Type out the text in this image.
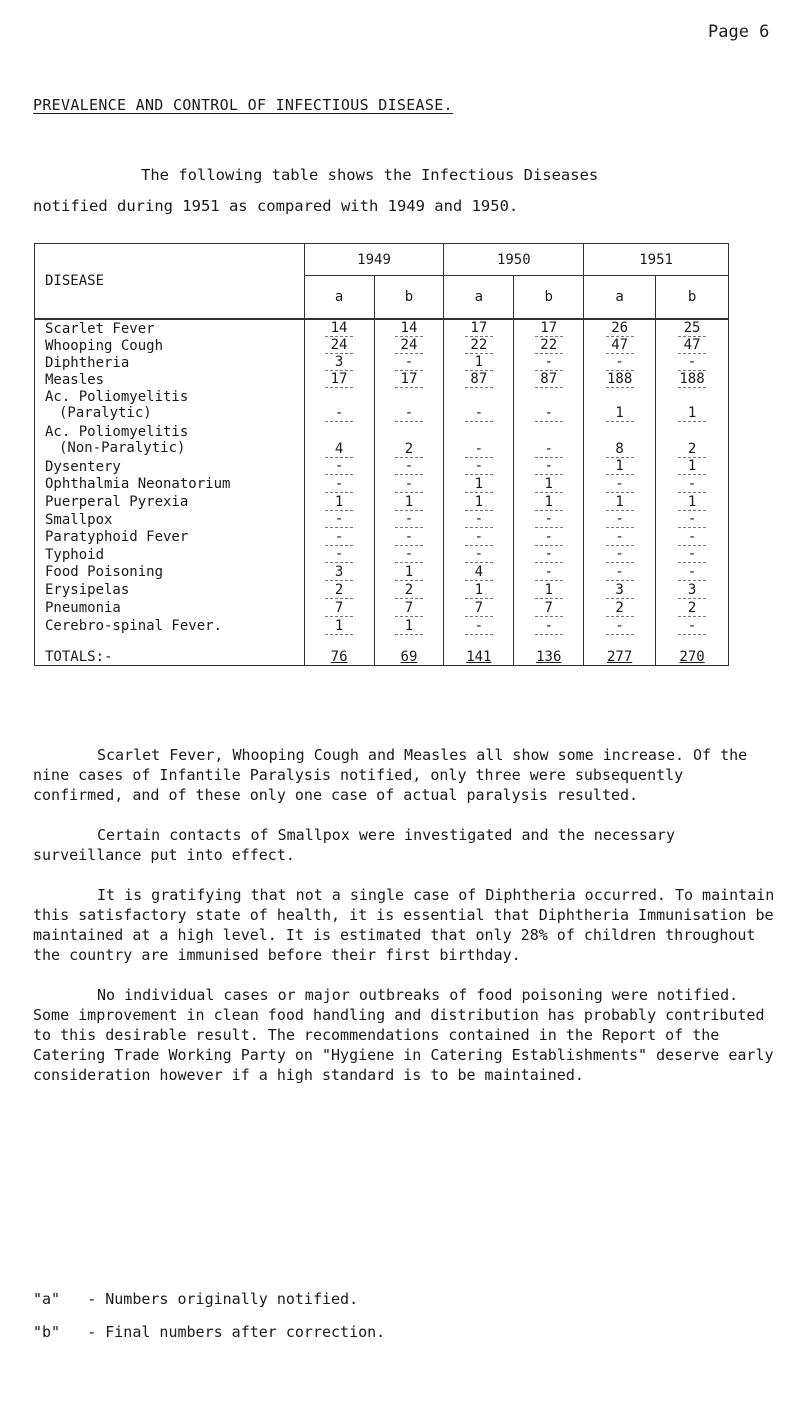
Page 6
PREVALENCE AND CONTROL OF INFECTIOUS DISEASE.

The following table shows the Infectious Diseases

notified during 1951 as compared with 1949 and 1950.

DISEASE	1949		1950		1951	
	a	b	a	b	a	b

Scarlet Fever	14	14	17	17	26	25

Whooping Cough	24	24	22	22	47	47

Diphtheria	3	-	1	-	-	-

Measles	17	17	87	87	188	188

Ac. Poliomyelitis
(Paralytic)	-	-	-	-	1	1

Ac. Poliomyelitis
(Non-Paralytic)	4	2	-	-	8	2

Dysentery	-	-	-	-	1	1

Ophthalmia Neonatorium	-	-	1	1	-	-

Puerperal Pyrexia	1	1	1	1	1	1

Smallpox	-	-	-	-	-	-

Paratyphoid Fever	-	-	-	-	-	-

Typhoid	-	-	-	-	-	-

Food Poisoning	3	1	4	-	-	-

Erysipelas	2	2	1	1	3	3

Pneumonia	7	7	7	7	2	2

Cerebro-spinal Fever.	1	1	-	-	-	-
TOTALS:-	76	69	141	136	277	270

Scarlet Fever, Whooping Cough and Measles all show some increase. Of the nine cases of Infantile Paralysis notified, only three were subsequently confirmed, and of these only one case of actual paralysis resulted.

Certain contacts of Smallpox were investigated and the necessary surveillance put into effect.

It is gratifying that not a single case of Diphtheria occurred. To maintain this satisfactory state of health, it is essential that Diphtheria Immunisation be maintained at a high level. It is estimated that only 28% of children throughout the country are immunised before their first birthday.

No individual cases or major outbreaks of food poisoning were notified. Some improvement in clean food handling and distribution has probably contributed to this desirable result. The recommendations contained in the Report of the Catering Trade Working Party on "Hygiene in Catering Establishments" deserve early consideration however if a high standard is to be maintained.

"a" - Numbers originally notified.
"b" - Final numbers after correction.
